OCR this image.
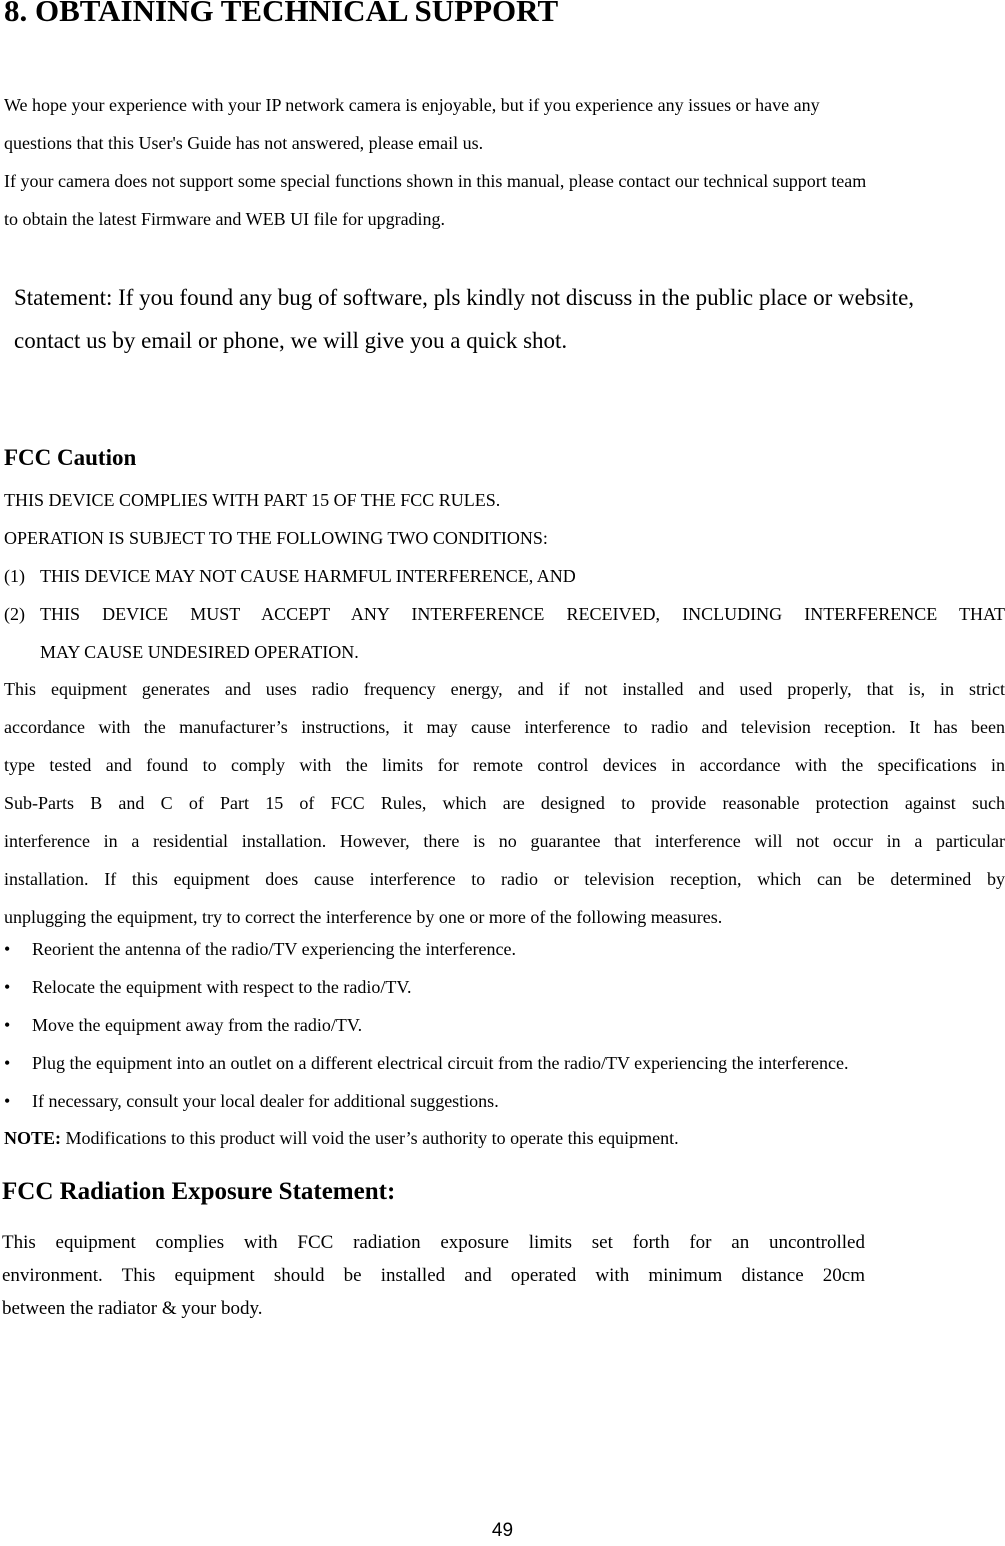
8. OBTAINING TECHNICAL SUPPORT
We hope your experience with your IP network camera is enjoyable, but if you experience any issues or have any
questions that this User's Guide has not answered, please email us.
If your camera does not support some special functions shown in this manual, please contact our technical support team
to obtain the latest Firmware and WEB UI file for upgrading.
Statement: If you found any bug of software, pls kindly not discuss in the public place or website,
contact us by email or phone, we will give you a quick shot.
FCC Caution
THIS DEVICE COMPLIES WITH PART 15 OF THE FCC RULES.
OPERATION IS SUBJECT TO THE FOLLOWING TWO CONDITIONS:
(1) THIS DEVICE MAY NOT CAUSE HARMFUL INTERFERENCE, AND
(2) THIS DEVICE MUST ACCEPT ANY INTERFERENCE RECEIVED, INCLUDING INTERFERENCE THAT
MAY CAUSE UNDESIRED OPERATION.
This equipment generates and uses radio frequency energy, and if not installed and used properly, that is, in strict
accordance with the manufacturer’s instructions, it may cause interference to radio and television reception. It has been
type tested and found to comply with the limits for remote control devices in accordance with the specifications in
Sub-Parts B and C of Part 15 of FCC Rules, which are designed to provide reasonable protection against such
interference in a residential installation. However, there is no guarantee that interference will not occur in a particular
installation. If this equipment does cause interference to radio or television reception, which can be determined by
unplugging the equipment, try to correct the interference by one or more of the following measures.
• Reorient the antenna of the radio/TV experiencing the interference.
• Relocate the equipment with respect to the radio/TV.
• Move the equipment away from the radio/TV.
• Plug the equipment into an outlet on a different electrical circuit from the radio/TV experiencing the interference.
• If necessary, consult your local dealer for additional suggestions.
NOTE: Modifications to this product will void the user’s authority to operate this equipment.
FCC Radiation Exposure Statement:
This equipment complies with FCC radiation exposure limits set forth for an uncontrolled
environment. This equipment should be installed and operated with minimum distance 20cm
between the radiator & your body.
49
